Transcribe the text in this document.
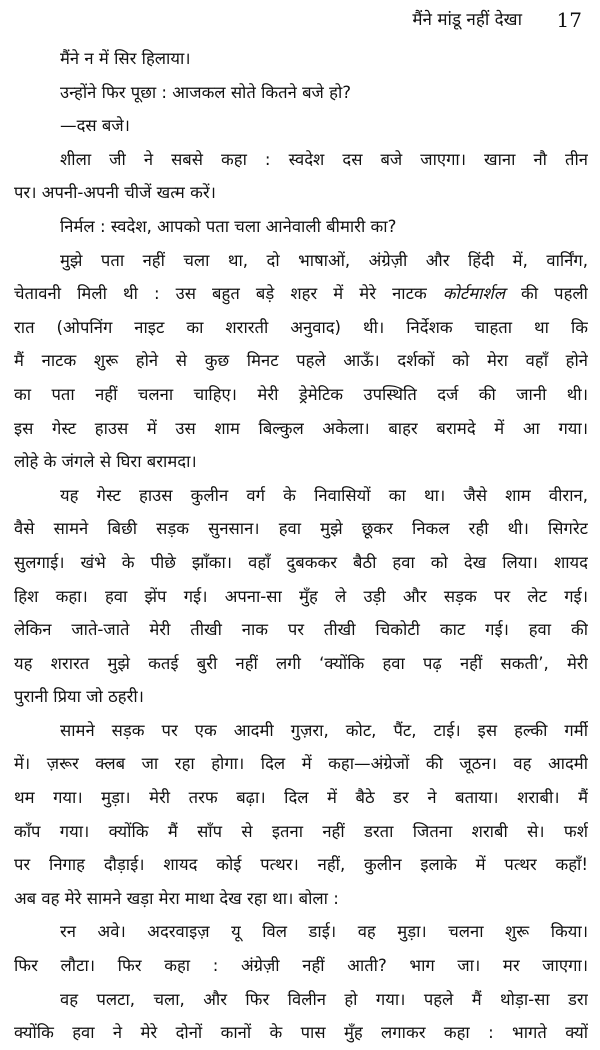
मैंने मांडू नहीं देखा 17
मैंने न में सिर हिलाया।
उन्होंने फिर पूछा : आजकल सोते कितने बजे हो?
—दस बजे।
शीला जी ने सबसे कहा : स्वदेश दस बजे जाएगा। खाना नौ तीन
पर। अपनी-अपनी चीजें खत्म करें।
निर्मल : स्वदेश, आपको पता चला आनेवाली बीमारी का?
मुझे पता नहीं चला था, दो भाषाओं, अंग्रेज़ी और हिंदी में, वार्निंग,
चेतावनी मिली थी : उस बहुत बड़े शहर में मेरे नाटक कोर्टमार्शल की पहली
रात (ओपनिंग नाइट का शरारती अनुवाद) थी। निर्देशक चाहता था कि
मैं नाटक शुरू होने से कुछ मिनट पहले आऊँ। दर्शकों को मेरा वहाँ होने
का पता नहीं चलना चाहिए। मेरी ड्रेमेटिक उपस्थिति दर्ज की जानी थी।
इस गेस्ट हाउस में उस शाम बिल्कुल अकेला। बाहर बरामदे में आ गया।
लोहे के जंगले से घिरा बरामदा।
यह गेस्ट हाउस कुलीन वर्ग के निवासियों का था। जैसे शाम वीरान,
वैसे सामने बिछी सड़क सुनसान। हवा मुझे छूकर निकल रही थी। सिगरेट
सुलगाई। खंभे के पीछे झाँका। वहाँ दुबककर बैठी हवा को देख लिया। शायद
हिश कहा। हवा झेंप गई। अपना-सा मुँह ले उड़ी और सड़क पर लेट गई।
लेकिन जाते-जाते मेरी तीखी नाक पर तीखी चिकोटी काट गई। हवा की
यह शरारत मुझे कतई बुरी नहीं लगी ‘क्योंकि हवा पढ़ नहीं सकती’, मेरी
पुरानी प्रिया जो ठहरी।
सामने सड़क पर एक आदमी गुज़रा, कोट, पैंट, टाई। इस हल्की गर्मी
में। ज़रूर क्लब जा रहा होगा। दिल में कहा—अंग्रेजों की जूठन। वह आदमी
थम गया। मुड़ा। मेरी तरफ बढ़ा। दिल में बैठे डर ने बताया। शराबी। मैं
काँप गया। क्योंकि मैं साँप से इतना नहीं डरता जितना शराबी से। फर्श
पर निगाह दौड़ाई। शायद कोई पत्थर। नहीं, कुलीन इलाके में पत्थर कहाँ!
अब वह मेरे सामने खड़ा मेरा माथा देख रहा था। बोला :
रन अवे। अदरवाइज़ यू विल डाई। वह मुड़ा। चलना शुरू किया।
फिर लौटा। फिर कहा : अंग्रेज़ी नहीं आती? भाग जा। मर जाएगा।
वह पलटा, चला, और फिर विलीन हो गया। पहले मैं थोड़ा-सा डरा
क्योंकि हवा ने मेरे दोनों कानों के पास मुँह लगाकर कहा : भागते क्यों
